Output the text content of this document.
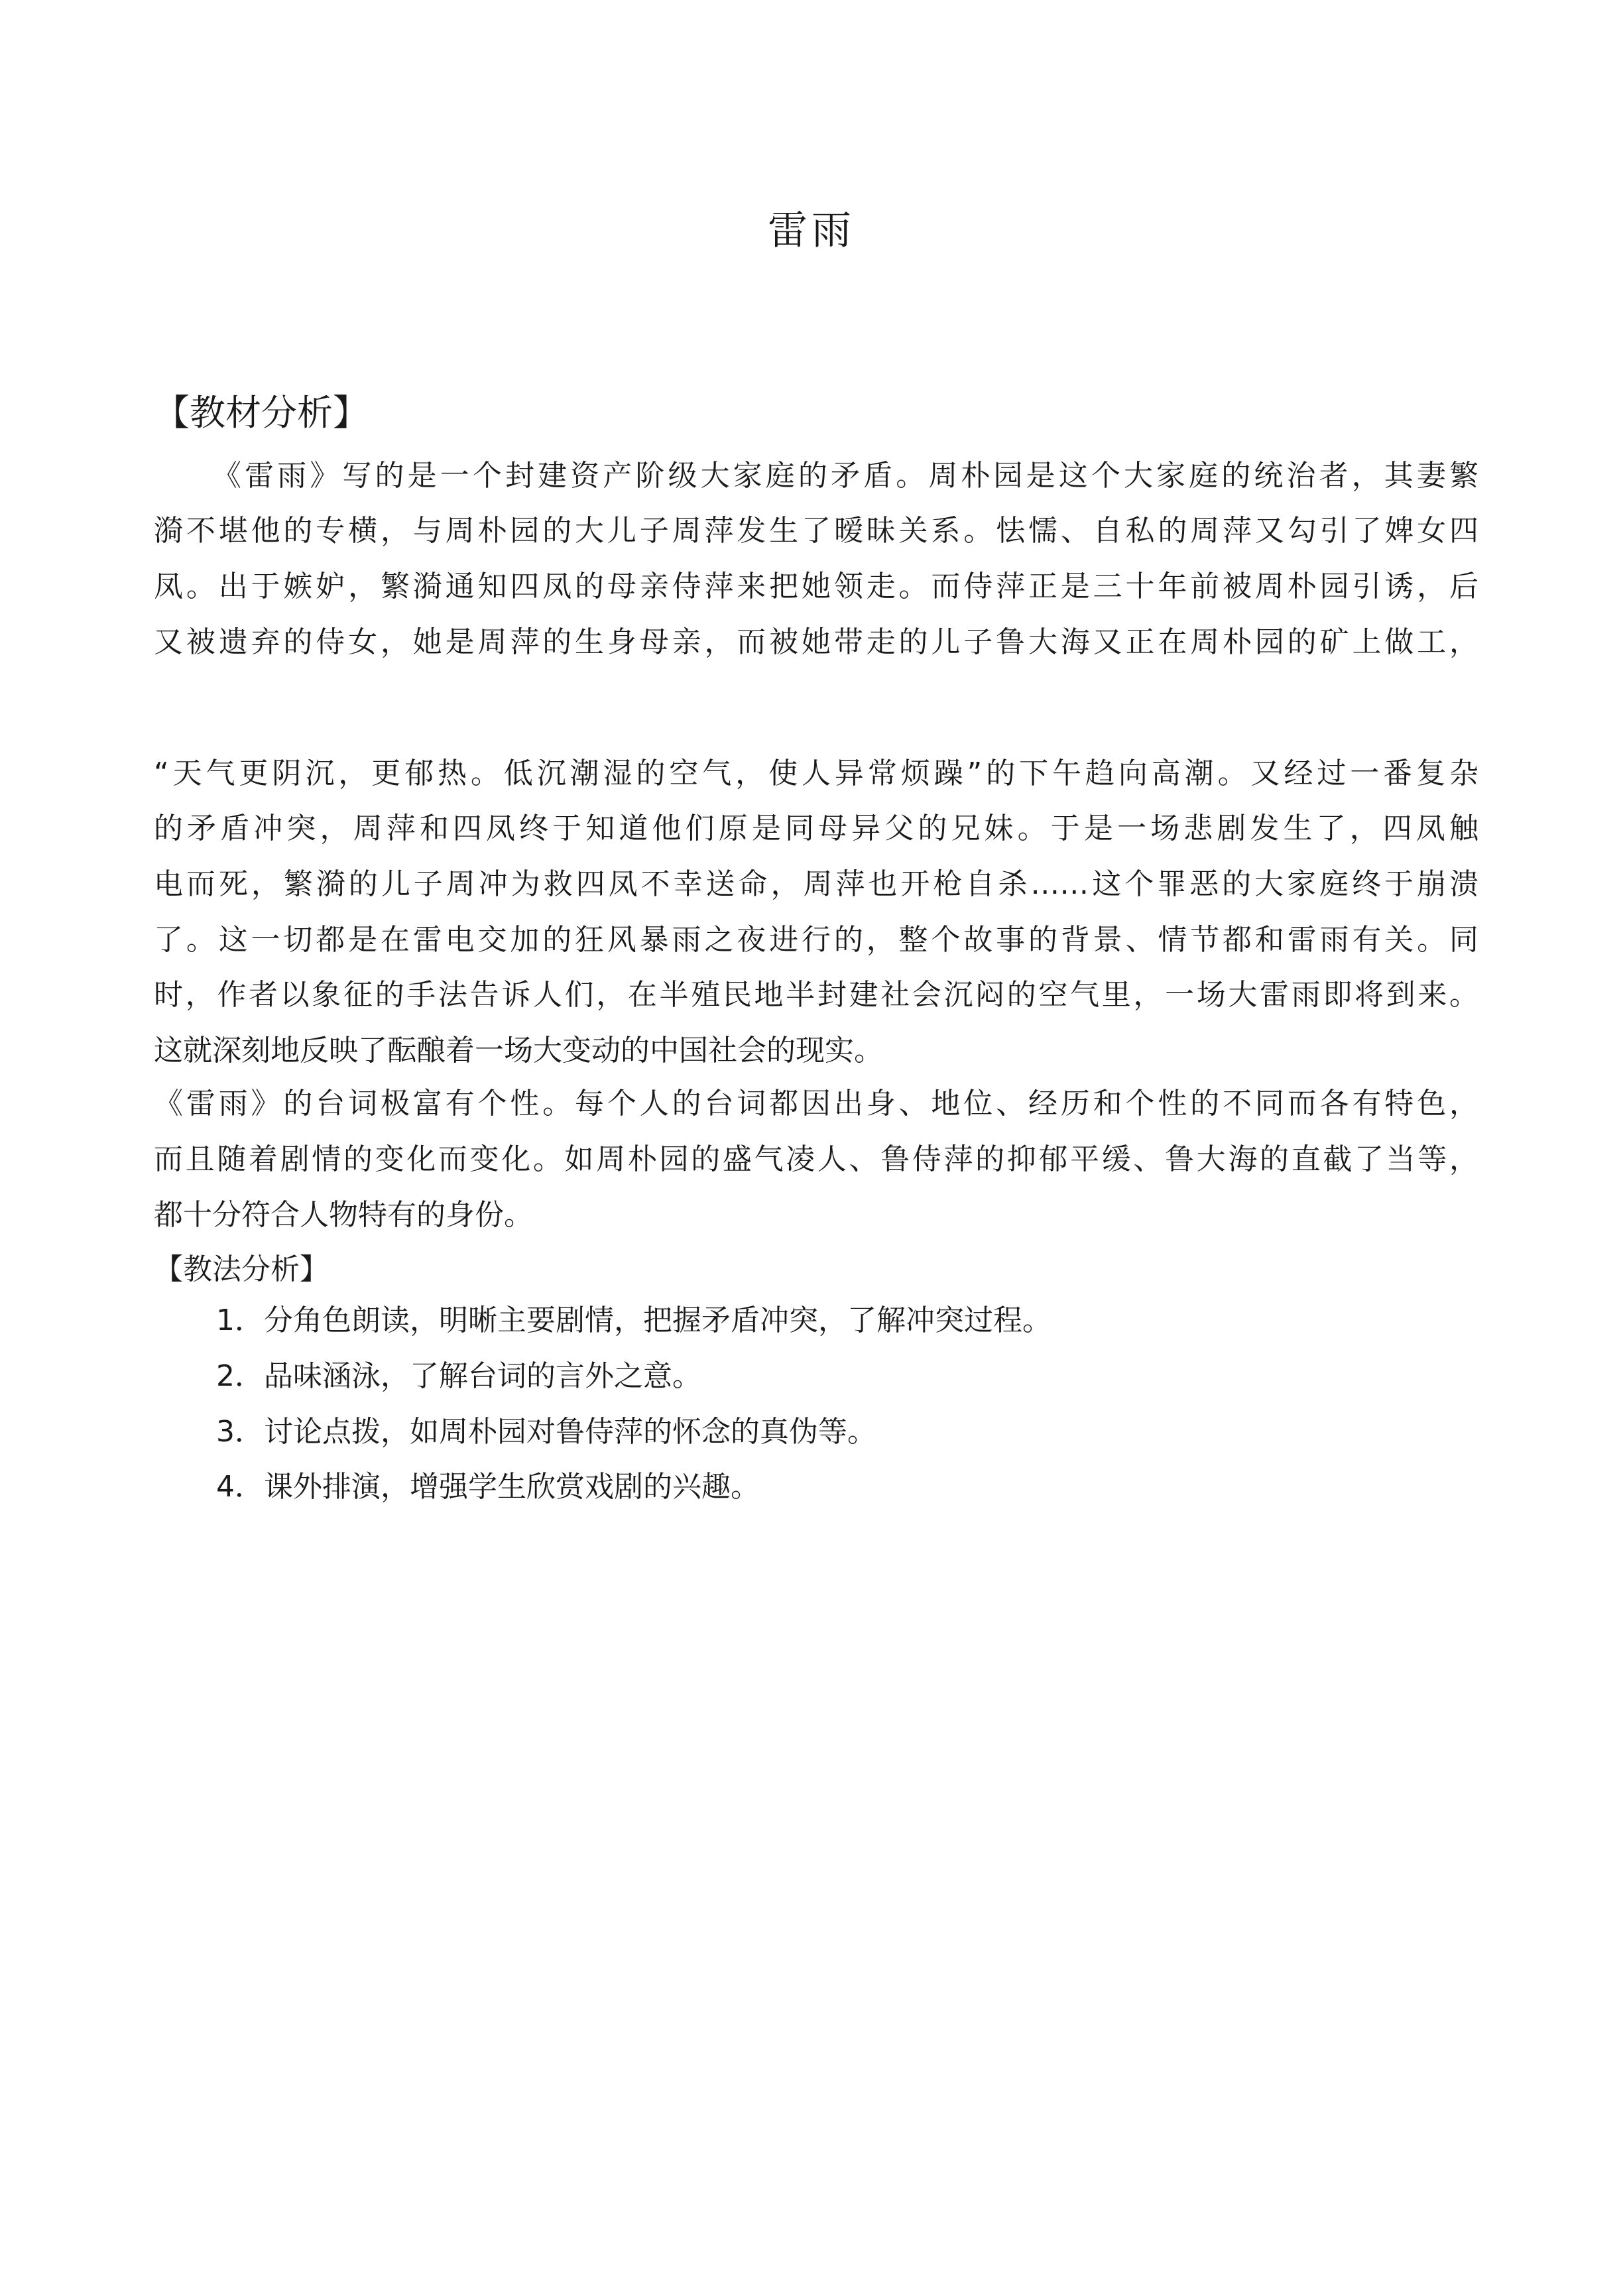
雷雨
【教材分析】
《雷雨》写的是一个封建资产阶级大家庭的矛盾。周朴园是这个大家庭的统治者，其妻繁
漪不堪他的专横，与周朴园的大儿子周萍发生了暧昧关系。怯懦、自私的周萍又勾引了婢女四
凤。出于嫉妒，繁漪通知四凤的母亲侍萍来把她领走。而侍萍正是三十年前被周朴园引诱，后
又被遗弃的侍女，她是周萍的生身母亲，而被她带走的儿子鲁大海又正在周朴园的矿上做工，
“天气更阴沉，更郁热。低沉潮湿的空气，使人异常烦躁”的下午趋向高潮。又经过一番复杂
的矛盾冲突，周萍和四凤终于知道他们原是同母异父的兄妹。于是一场悲剧发生了，四凤触
电而死，繁漪的儿子周冲为救四凤不幸送命，周萍也开枪自杀……这个罪恶的大家庭终于崩溃
了。这一切都是在雷电交加的狂风暴雨之夜进行的，整个故事的背景、情节都和雷雨有关。同
时，作者以象征的手法告诉人们，在半殖民地半封建社会沉闷的空气里，一场大雷雨即将到来。
这就深刻地反映了酝酿着一场大变动的中国社会的现实。
《雷雨》的台词极富有个性。每个人的台词都因出身、地位、经历和个性的不同而各有特色，
而且随着剧情的变化而变化。如周朴园的盛气凌人、鲁侍萍的抑郁平缓、鲁大海的直截了当等，
都十分符合人物特有的身份。
【教法分析】
1．分角色朗读，明晰主要剧情，把握矛盾冲突，了解冲突过程。
2．品味涵泳，了解台词的言外之意。
3．讨论点拨，如周朴园对鲁侍萍的怀念的真伪等。
4．课外排演，增强学生欣赏戏剧的兴趣。
